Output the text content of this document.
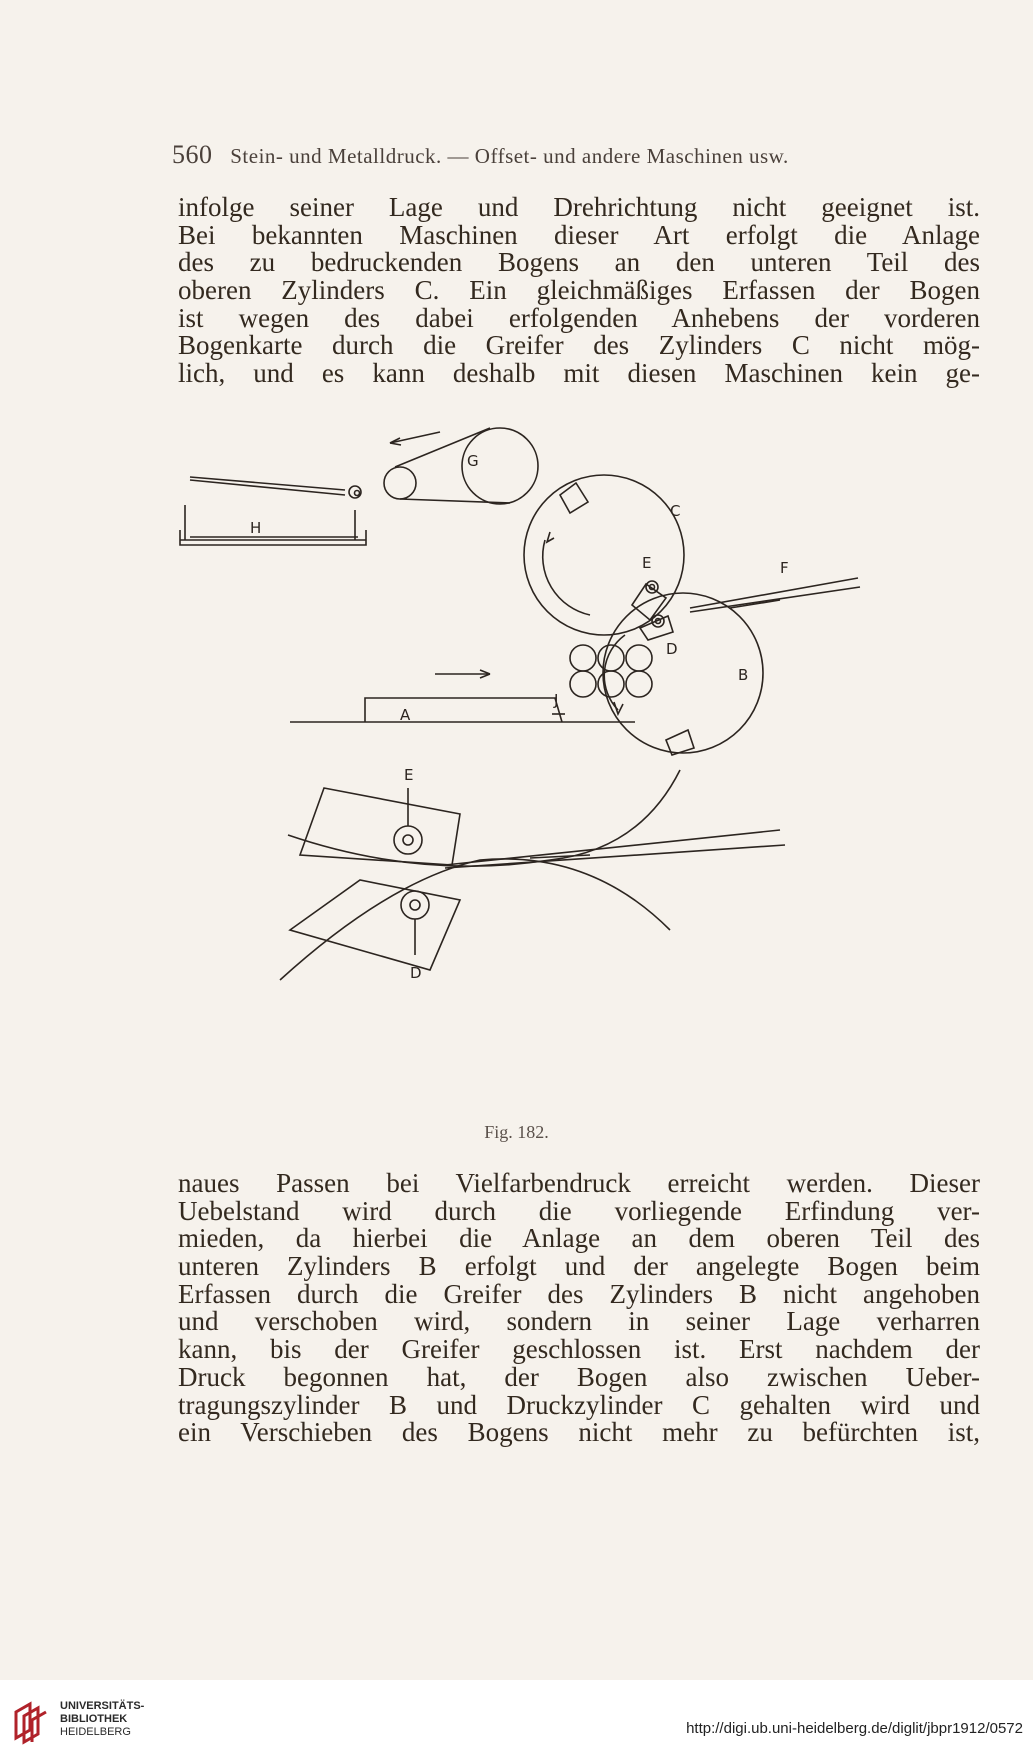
560 Stein- und Metalldruck. — Offset- und andere Maschinen usw.
infolge seiner Lage und Drehrichtung nicht geeignet ist.
Bei bekannten Maschinen dieser Art erfolgt die Anlage
des zu bedruckenden Bogens an den unteren Teil des
oberen Zylinders C. Ein gleichmäßiges Erfassen der Bogen
ist wegen des dabei erfolgenden Anhebens der vorderen
Bogenkarte durch die Greifer des Zylinders C nicht mög-
lich, und es kann deshalb mit diesen Maschinen kein ge-
G
H
C
E	F
D
B
J
A
E
D
Fig. 182.
naues Passen bei Vielfarbendruck erreicht werden. Dieser
Uebelstand wird durch die vorliegende Erfindung ver-
mieden, da hierbei die Anlage an dem oberen Teil des
unteren Zylinders B erfolgt und der angelegte Bogen beim
Erfassen durch die Greifer des Zylinders B nicht angehoben
und verschoben wird, sondern in seiner Lage verharren
kann, bis der Greifer geschlossen ist. Erst nachdem der
Druck begonnen hat, der Bogen also zwischen Ueber-
tragungszylinder B und Druckzylinder C gehalten wird und
ein Verschieben des Bogens nicht mehr zu befürchten ist,
UNIVERSITÄTS-
BIBLIOTHEK
HEIDELBERG	http://digi.ub.uni-heidelberg.de/diglit/jbpr1912/0572
